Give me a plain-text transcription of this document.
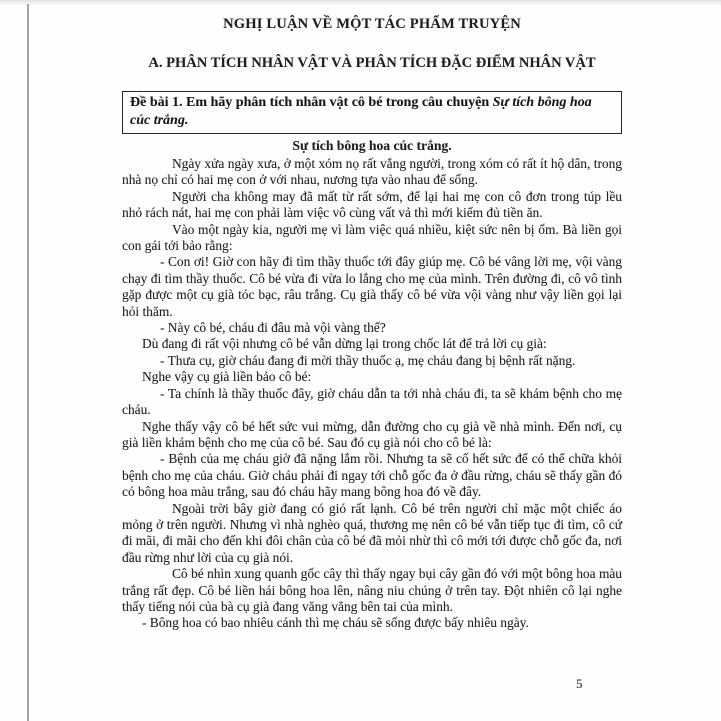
NGHỊ LUẬN VỀ MỘT TÁC PHẨM TRUYỆN
A. PHÂN TÍCH NHÂN VẬT VÀ PHÂN TÍCH ĐẶC ĐIỂM NHÂN VẬT
Đề bài 1. Em hãy phân tích nhân vật cô bé trong câu chuyện Sự tích bông hoa cúc trắng.
Sự tích bông hoa cúc trắng.

Ngày xửa ngày xưa, ở một xóm nọ rất vắng người, trong xóm có rất ít hộ dân, trong nhà nọ chỉ có hai mẹ con ở với nhau, nương tựa vào nhau để sống.

Người cha không may đã mất từ rất sớm, để lại hai mẹ con cô đơn trong túp lều nhỏ rách nát, hai mẹ con phải làm việc vô cùng vất vả thì mới kiếm đủ tiền ăn.

Vào một ngày kia, người mẹ vì làm việc quá nhiều, kiệt sức nên bị ốm. Bà liền gọi con gái tới bảo rằng:

- Con ơi! Giờ con hãy đi tìm thầy thuốc tới đây giúp mẹ. Cô bé vâng lời mẹ, vội vàng chạy đi tìm thầy thuốc. Cô bé vừa đi vừa lo lắng cho mẹ của mình. Trên đường đi, cô vô tình gặp được một cụ già tóc bạc, râu trắng. Cụ già thấy cô bé vừa vội vàng như vậy liền gọi lại hỏi thăm.

- Này cô bé, cháu đi đâu mà vội vàng thế?

Dù đang đi rất vội nhưng cô bé vẫn dừng lại trong chốc lát để trả lời cụ già:

- Thưa cụ, giờ cháu đang đi mời thầy thuốc ạ, mẹ cháu đang bị bệnh rất nặng.

Nghe vậy cụ già liền bảo cô bé:

- Ta chính là thầy thuốc đây, giờ cháu dẫn ta tới nhà cháu đi, ta sẽ khám bệnh cho mẹ cháu.

Nghe thấy vậy cô bé hết sức vui mừng, dẫn đường cho cụ già về nhà mình. Đến nơi, cụ già liền khám bệnh cho mẹ của cô bé. Sau đó cụ già nói cho cô bé là:

- Bệnh của mẹ cháu giờ đã nặng lắm rồi. Nhưng ta sẽ cố hết sức để có thể chữa khỏi bệnh cho mẹ của cháu. Giờ cháu phải đi ngay tới chỗ gốc đa ở đầu rừng, cháu sẽ thấy gần đó có bông hoa màu trắng, sau đó cháu hãy mang bông hoa đó về đây.

Ngoài trời bây giờ đang có gió rất lạnh. Cô bé trên người chỉ mặc một chiếc áo mỏng ở trên người. Nhưng vì nhà nghèo quá, thương mẹ nên cô bé vẫn tiếp tục đi tìm, cô cứ đi mãi, đi mãi cho đến khi đôi chân của cô bé đã mỏi nhừ thì cô mới tới được chỗ gốc đa, nơi đầu rừng như lời của cụ già nói.

Cô bé nhìn xung quanh gốc cây thì thấy ngay bụi cây gần đó với một bông hoa màu trắng rất đẹp. Cô bé liền hái bông hoa lên, nâng niu chúng ở trên tay. Đột nhiên cô lại nghe thấy tiếng nói của bà cụ già đang văng vẳng bên tai của mình.

- Bông hoa có bao nhiêu cánh thì mẹ cháu sẽ sống được bấy nhiêu ngày.

5
